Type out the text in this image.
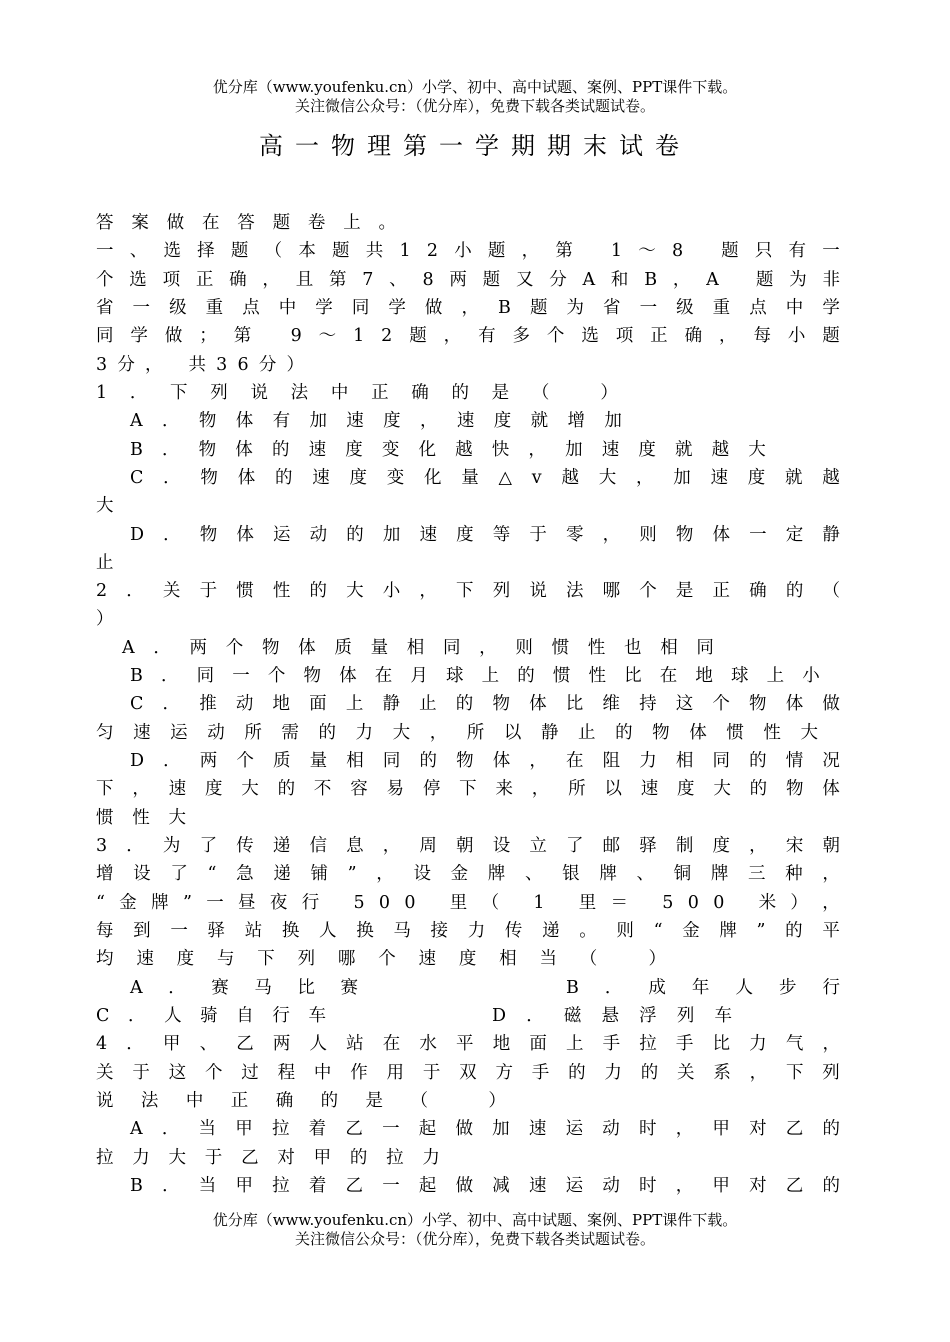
优分库（www.youfenku.cn）小学、初中、高中试题、案例、PPT课件下载。
关注微信公众号：（优分库），免费下载各类试题试卷。
高一物理第一学期期末试卷
答 案 做 在 答 题 卷 上 。
一 、 选 择 题 （ 本 题 共 1 2 小 题 ， 第
1 ～ 8
题 只 有 一
个 选 项 正 确 ， 且 第 7 、 8 两 题 又 分 A 和 B ， A
题 为 非
省 一 级 重 点 中 学 同 学 做 ， B 题 为 省 一 级 重 点 中 学
同 学 做 ； 第
9 ～ 1 2 题 ， 有 多 个 选 项 正 确 ， 每 小 题
3 分 ，
共 3 6 分 ）
1 ． 下 列 说 法 中 正 确 的 是 （
	）
A ． 物 体 有 加 速 度 ， 速 度 就 增 加
B ． 物 体 的 速 度 变 化 越 快 ， 加 速 度 就 越 大
C ． 物 体 的 速 度 变 化 量 △ v 越 大 ， 加 速 度 就 越
大
D ． 物 体 运 动 的 加 速 度 等 于 零 ， 则 物 体 一 定 静
止
2 ． 关 于 惯 性 的 大 小 ， 下 列 说 法 哪 个 是 正 确 的 （
）
A ． 两 个 物 体 质 量 相 同 ， 则 惯 性 也 相 同
B ． 同 一 个 物 体 在 月 球 上 的 惯 性 比 在 地 球 上 小
C ． 推 动 地 面 上 静 止 的 物 体 比 维 持 这 个 物 体 做
匀 速 运 动 所 需 的 力 大 ， 所 以 静 止 的 物 体 惯 性 大
D ． 两 个 质 量 相 同 的 物 体 ， 在 阻 力 相 同 的 情 况
下 ， 速 度 大 的 不 容 易 停 下 来 ， 所 以 速 度 大 的 物 体
惯 性 大
3 ． 为 了 传 递 信 息 ， 周 朝 设 立 了 邮 驿 制 度 ， 宋 朝
增 设 了 “ 急 递 铺 ” ， 设 金 牌 、 银 牌 、 铜 牌 三 种 ，
“ 金 牌 ” 一 昼 夜 行
5 0 0
里 （
1
里 ＝
5 0 0
米 ） ，
每 到 一 驿 站 换 人 换 马 接 力 传 递 。 则 “ 金 牌 ” 的 平
均 速 度 与 下 列 哪 个 速 度 相 当 （
	）
A ． 赛 马 比 赛	B ． 成 年 人 步 行
C ． 人 骑 自 行 车	D ． 磁 悬 浮 列 车
4 ． 甲 、 乙 两 人 站 在 水 平 地 面 上 手 拉 手 比 力 气 ，
关 于 这 个 过 程 中 作 用 于 双 方 手 的 力 的 关 系 ， 下 列
说 法 中 正 确 的 是 （
	）
A ． 当 甲 拉 着 乙 一 起 做 加 速 运 动 时 ， 甲 对 乙 的
拉 力 大 于 乙 对 甲 的 拉 力
B ． 当 甲 拉 着 乙 一 起 做 减 速 运 动 时 ， 甲 对 乙 的
优分库（www.youfenku.cn）小学、初中、高中试题、案例、PPT课件下载。
关注微信公众号：（优分库），免费下载各类试题试卷。
